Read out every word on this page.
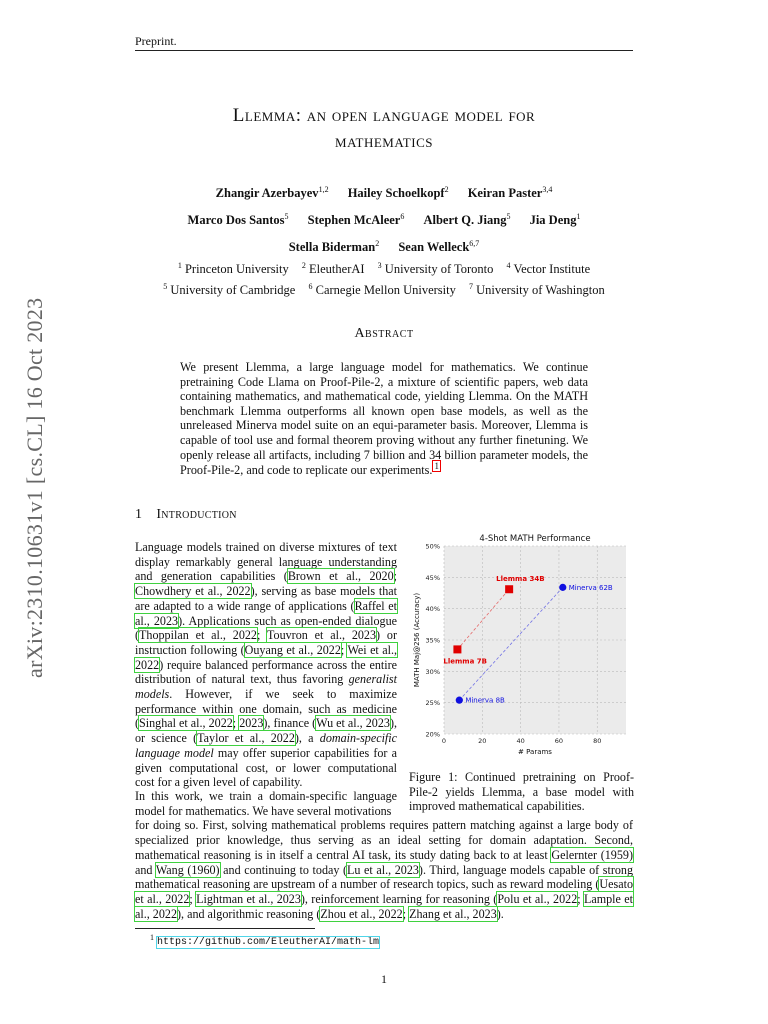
Preprint.
arXiv:2310.10631v1 [cs.CL] 16 Oct 2023
Llemma: an open language model for
mathematics
Zhangir Azerbayev$^{1,2}$ Hailey Schoelkopf$^2$ Keiran Paster$^{3,4}$
Marco Dos Santos$^5$ Stephen McAleer$^6$ Albert Q. Jiang$^5$ Jia Deng$^1$
Stella Biderman$^2$ Sean Welleck$^{6,7}$
$^1$ Princeton University $^2$ EleutherAI $^3$ University of Toronto $^4$ Vector Institute
$^5$ University of Cambridge $^6$ Carnegie Mellon University $^7$ University of Washington
Abstract
We present Llemma, a large language model for mathematics. We continue pretraining Code Llama on Proof-Pile-2, a mixture of scientific papers, web data containing mathematics, and mathematical code, yielding Llemma. On the MATH benchmark Llemma outperforms all known open base models, as well as the unreleased Minerva model suite on an equi-parameter basis. Moreover, Llemma is capable of tool use and formal theorem proving without any further finetuning. We openly release all artifacts, including 7 billion and 34 billion parameter models, the Proof-Pile-2, and code to replicate our experiments. $^1$
1 Introduction
Language models trained on diverse mixtures of text display remarkably general language understanding and generation capabilities (Brown et al., 2020; Chowdhery et al., 2022), serving as base models that are adapted to a wide range of applications (Raffel et al., 2023). Applications such as open-ended dialogue (Thoppilan et al., 2022; Touvron et al., 2023) or instruction following (Ouyang et al., 2022; Wei et al., 2022) require balanced performance across the entire distribution of natural text, thus favoring generalist models. However, if we seek to maximize performance within one domain, such as medicine (Singhal et al., 2022; 2023), finance (Wu et al., 2023), or science (Taylor et al., 2022), a domain-specific language model may offer superior capabilities for a given computational cost, or lower computational cost for a given level of capability.
In this work, we train a domain-specific language model for mathematics. We have several motivations
for doing so. First, solving mathematical problems requires pattern matching against a large body of specialized prior knowledge, thus serving as an ideal setting for domain adaptation. Second, mathematical reasoning is in itself a central AI task, its study dating back to at least Gelernter (1959) and Wang (1960) and continuing to today (Lu et al., 2023). Third, language models capable of strong mathematical reasoning are upstream of a number of research topics, such as reward modeling (Uesato et al., 2022; Lightman et al., 2023), reinforcement learning for reasoning (Polu et al., 2022; Lample et al., 2022), and algorithmic reasoning (Zhou et al., 2022; Zhang et al., 2023).
20%
25%
30%
35%
40%
45%
50%
0	20	40	60	80
4-Shot MATH Performance
# Params
MATH Maj@256 (Accuracy)	Llemma 7B
Llemma 34B
Minerva 8B
Minerva 62B
Figure 1: Continued pretraining on Proof-Pile-2 yields Llemma, a base model with improved mathematical capabilities.
$^1$ https://github.com/EleutherAI/math-lm
1
